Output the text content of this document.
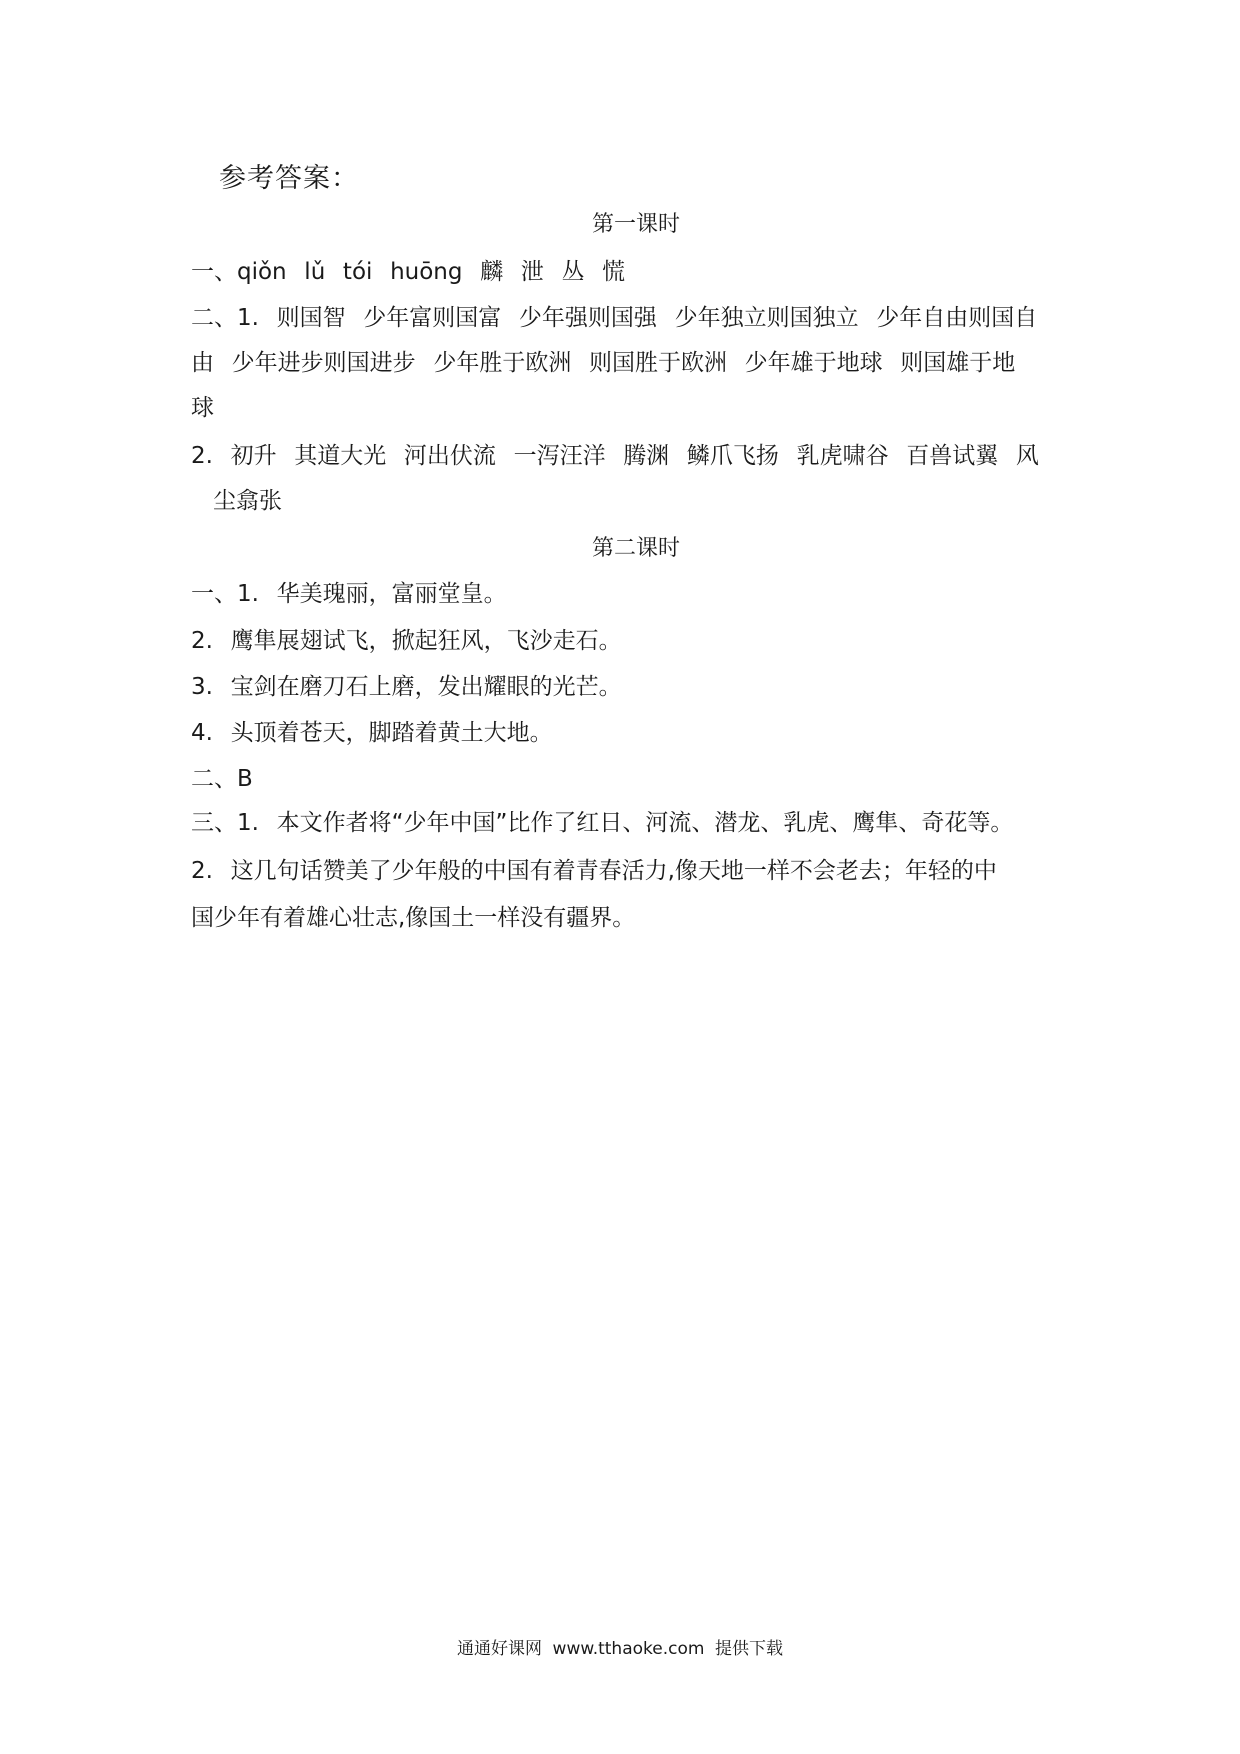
参考答案：
第一课时
一、qiǒn lǔ tói huōng 麟 泄 丛 慌
二、1. 则国智 少年富则国富 少年强则国强 少年独立则国独立 少年自由则国自
由 少年进步则国进步 少年胜于欧洲 则国胜于欧洲 少年雄于地球 则国雄于地
球
2. 初升 其道大光 河出伏流 一泻汪洋 腾渊 鳞爪飞扬 乳虎啸谷 百兽试翼 风
尘翕张
第二课时
一、1. 华美瑰丽，富丽堂皇。
2. 鹰隼展翅试飞，掀起狂风，飞沙走石。
3. 宝剑在磨刀石上磨，发出耀眼的光芒。
4. 头顶着苍天，脚踏着黄土大地。
二、B
三、1. 本文作者将“少年中国”比作了红日、河流、潜龙、乳虎、鹰隼、奇花等。
2. 这几句话赞美了少年般的中国有着青春活力,像天地一样不会老去；年轻的中
国少年有着雄心壮志,像国土一样没有疆界。
通通好课网 www.tthaoke.com 提供下载
